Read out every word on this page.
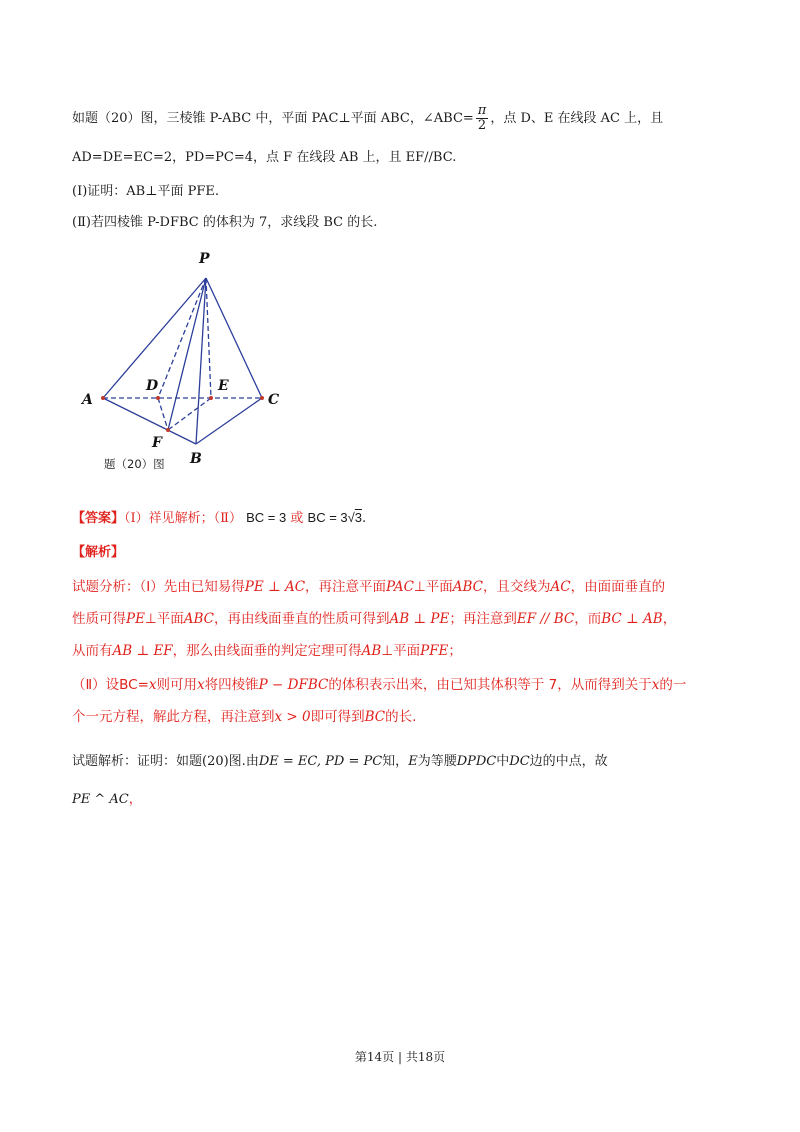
如题（20）图，三棱锥 P-ABC 中，平面 PAC⊥平面 ABC，∠ABC= $\frac{\pi}{2}$ ，点 D、E 在线段 AC 上，且
AD=DE=EC=2，PD=PC=4，点 F 在线段 AB 上，且 EF//BC.
(Ⅰ)证明：AB⊥平面 PFE.
(Ⅱ)若四棱锥 P-DFBC 的体积为 7，求线段 BC 的长.
P
A	C
D	E
F
B
题（20）图
【答案】（Ⅰ）祥见解析；（Ⅱ） BC = 3 或 BC = 3√3.
【解析】
试题分析：（Ⅰ）先由已知易得PE ⊥ AC，再注意平面PAC⊥平面ABC，且交线为AC，由面面垂直的
性质可得PE⊥平面ABC，再由线面垂直的性质可得到AB ⊥ PE；再注意到EF // BC，而BC ⊥ AB，
从而有AB ⊥ EF，那么由线面垂的判定定理可得AB⊥平面PFE；
（Ⅱ）设BC=x则可用x将四棱锥P − DFBC的体积表示出来，由已知其体积等于 7，从而得到关于x的一
个一元方程，解此方程，再注意到x > 0即可得到BC的长.
试题解析：证明：如题(20)图.由DE = EC, PD = PC知，E为等腰DPDC中DC边的中点，故
PE ^ AC，
第14页 | 共18页
